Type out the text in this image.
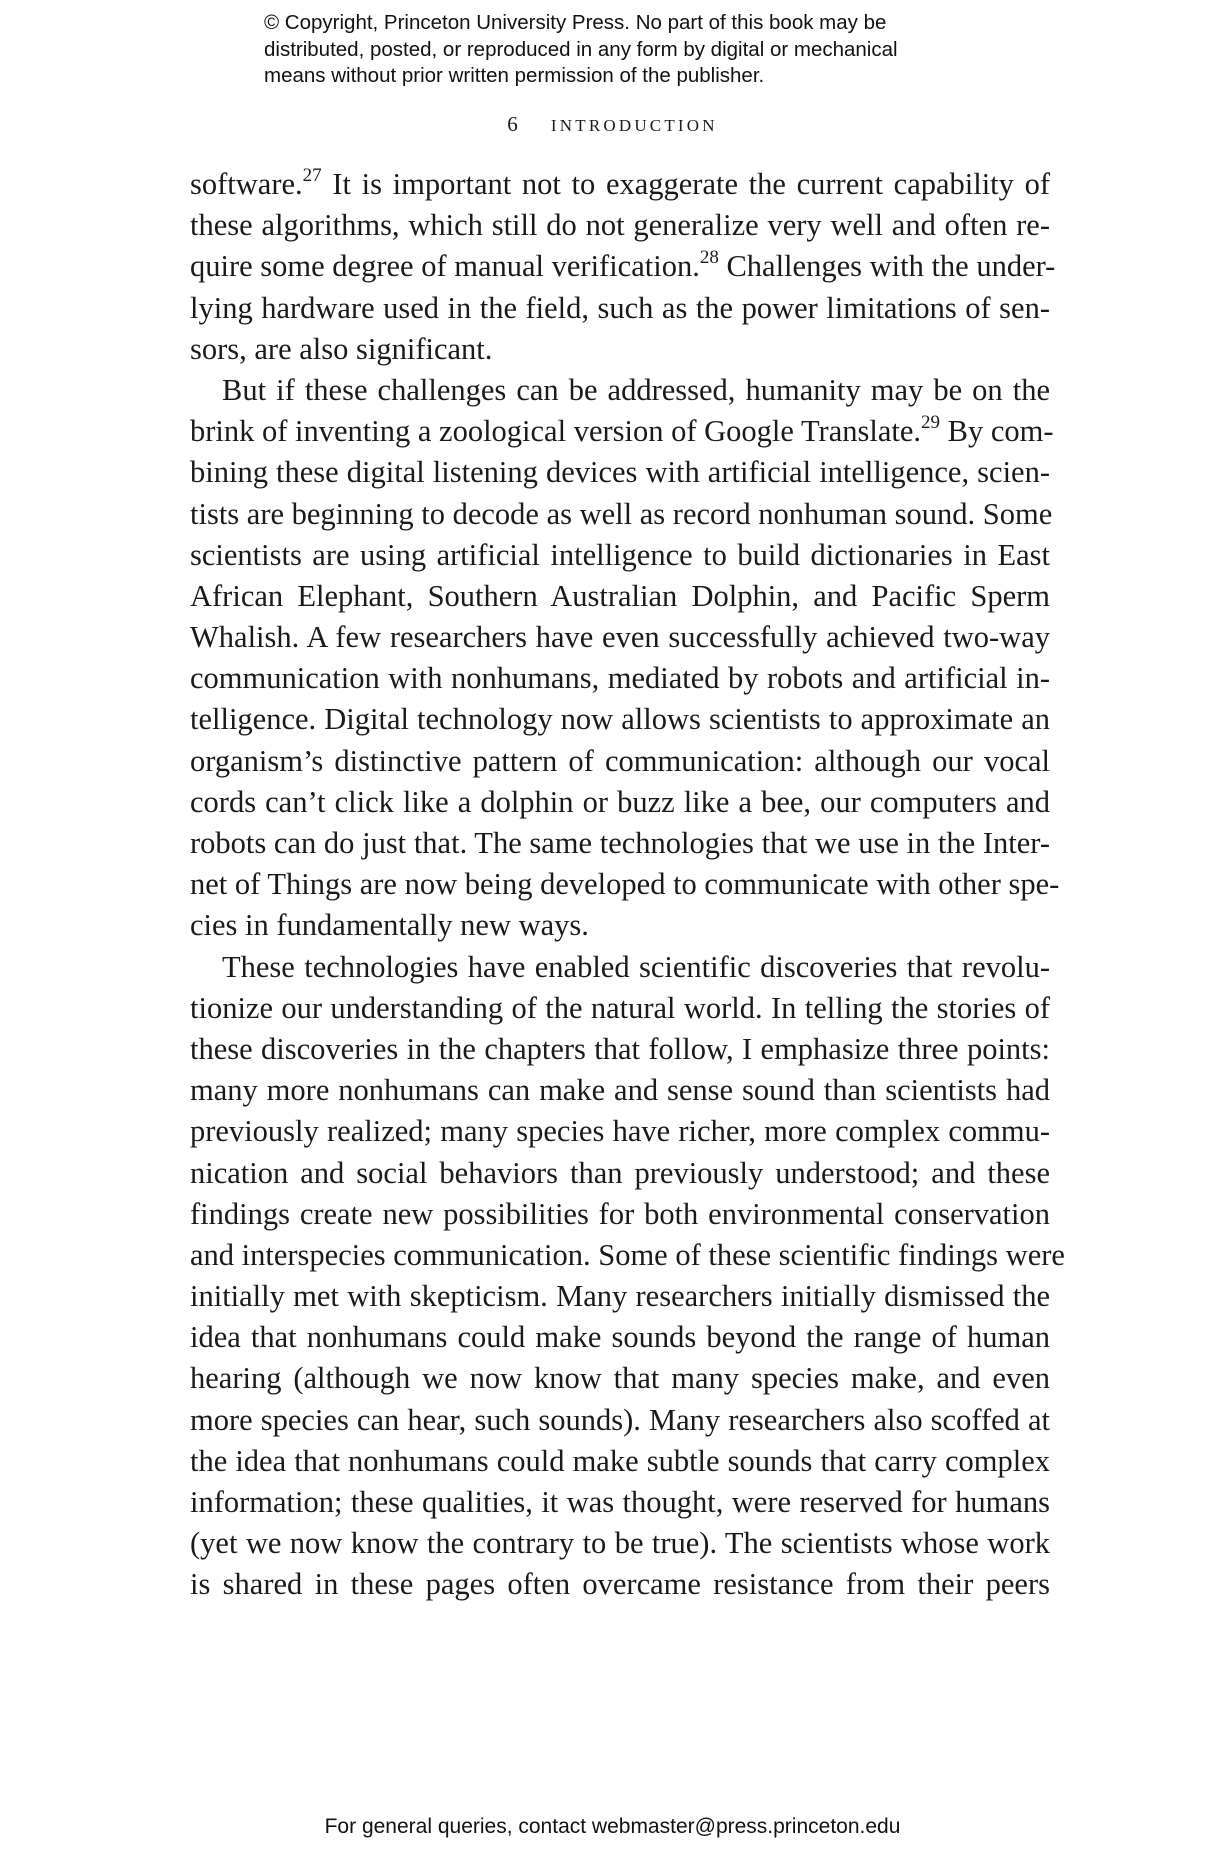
© Copyright, Princeton University Press. No part of this book may be
distributed, posted, or reproduced in any form by digital or mechanical
means without prior written permission of the publisher.
6 INTRODUCTION
software.$^{27}$ It is important not to exaggerate the current capability of
these algorithms, which still do not generalize very well and often re-
quire some degree of manual verification.$^{28}$ Challenges with the under-
lying hardware used in the field, such as the power limitations of sen-
sors, are also significant.
But if these challenges can be addressed, humanity may be on the
brink of inventing a zoological version of Google Translate.$^{29}$ By com-
bining these digital listening devices with artificial intelligence, scien-
tists are beginning to decode as well as record nonhuman sound. Some
scientists are using artificial intelligence to build dictionaries in East
African Elephant, Southern Australian Dolphin, and Pacific Sperm
Whalish. A few researchers have even successfully achieved two-way
communication with nonhumans, mediated by robots and artificial in-
telligence. Digital technology now allows scientists to approximate an
organism’s distinctive pattern of communication: although our vocal
cords can’t click like a dolphin or buzz like a bee, our computers and
robots can do just that. The same technologies that we use in the Inter-
net of Things are now being developed to communicate with other spe-
cies in fundamentally new ways.
These technologies have enabled scientific discoveries that revolu-
tionize our understanding of the natural world. In telling the stories of
these discoveries in the chapters that follow, I emphasize three points:
many more nonhumans can make and sense sound than scientists had
previously realized; many species have richer, more complex commu-
nication and social behaviors than previously understood; and these
findings create new possibilities for both environmental conservation
and interspecies communication. Some of these scientific findings were
initially met with skepticism. Many researchers initially dismissed the
idea that nonhumans could make sounds beyond the range of human
hearing (although we now know that many species make, and even
more species can hear, such sounds). Many researchers also scoffed at
the idea that nonhumans could make subtle sounds that carry complex
information; these qualities, it was thought, were reserved for humans
(yet we now know the contrary to be true). The scientists whose work
is shared in these pages often overcame resistance from their peers
For general queries, contact webmaster@press.princeton.edu
